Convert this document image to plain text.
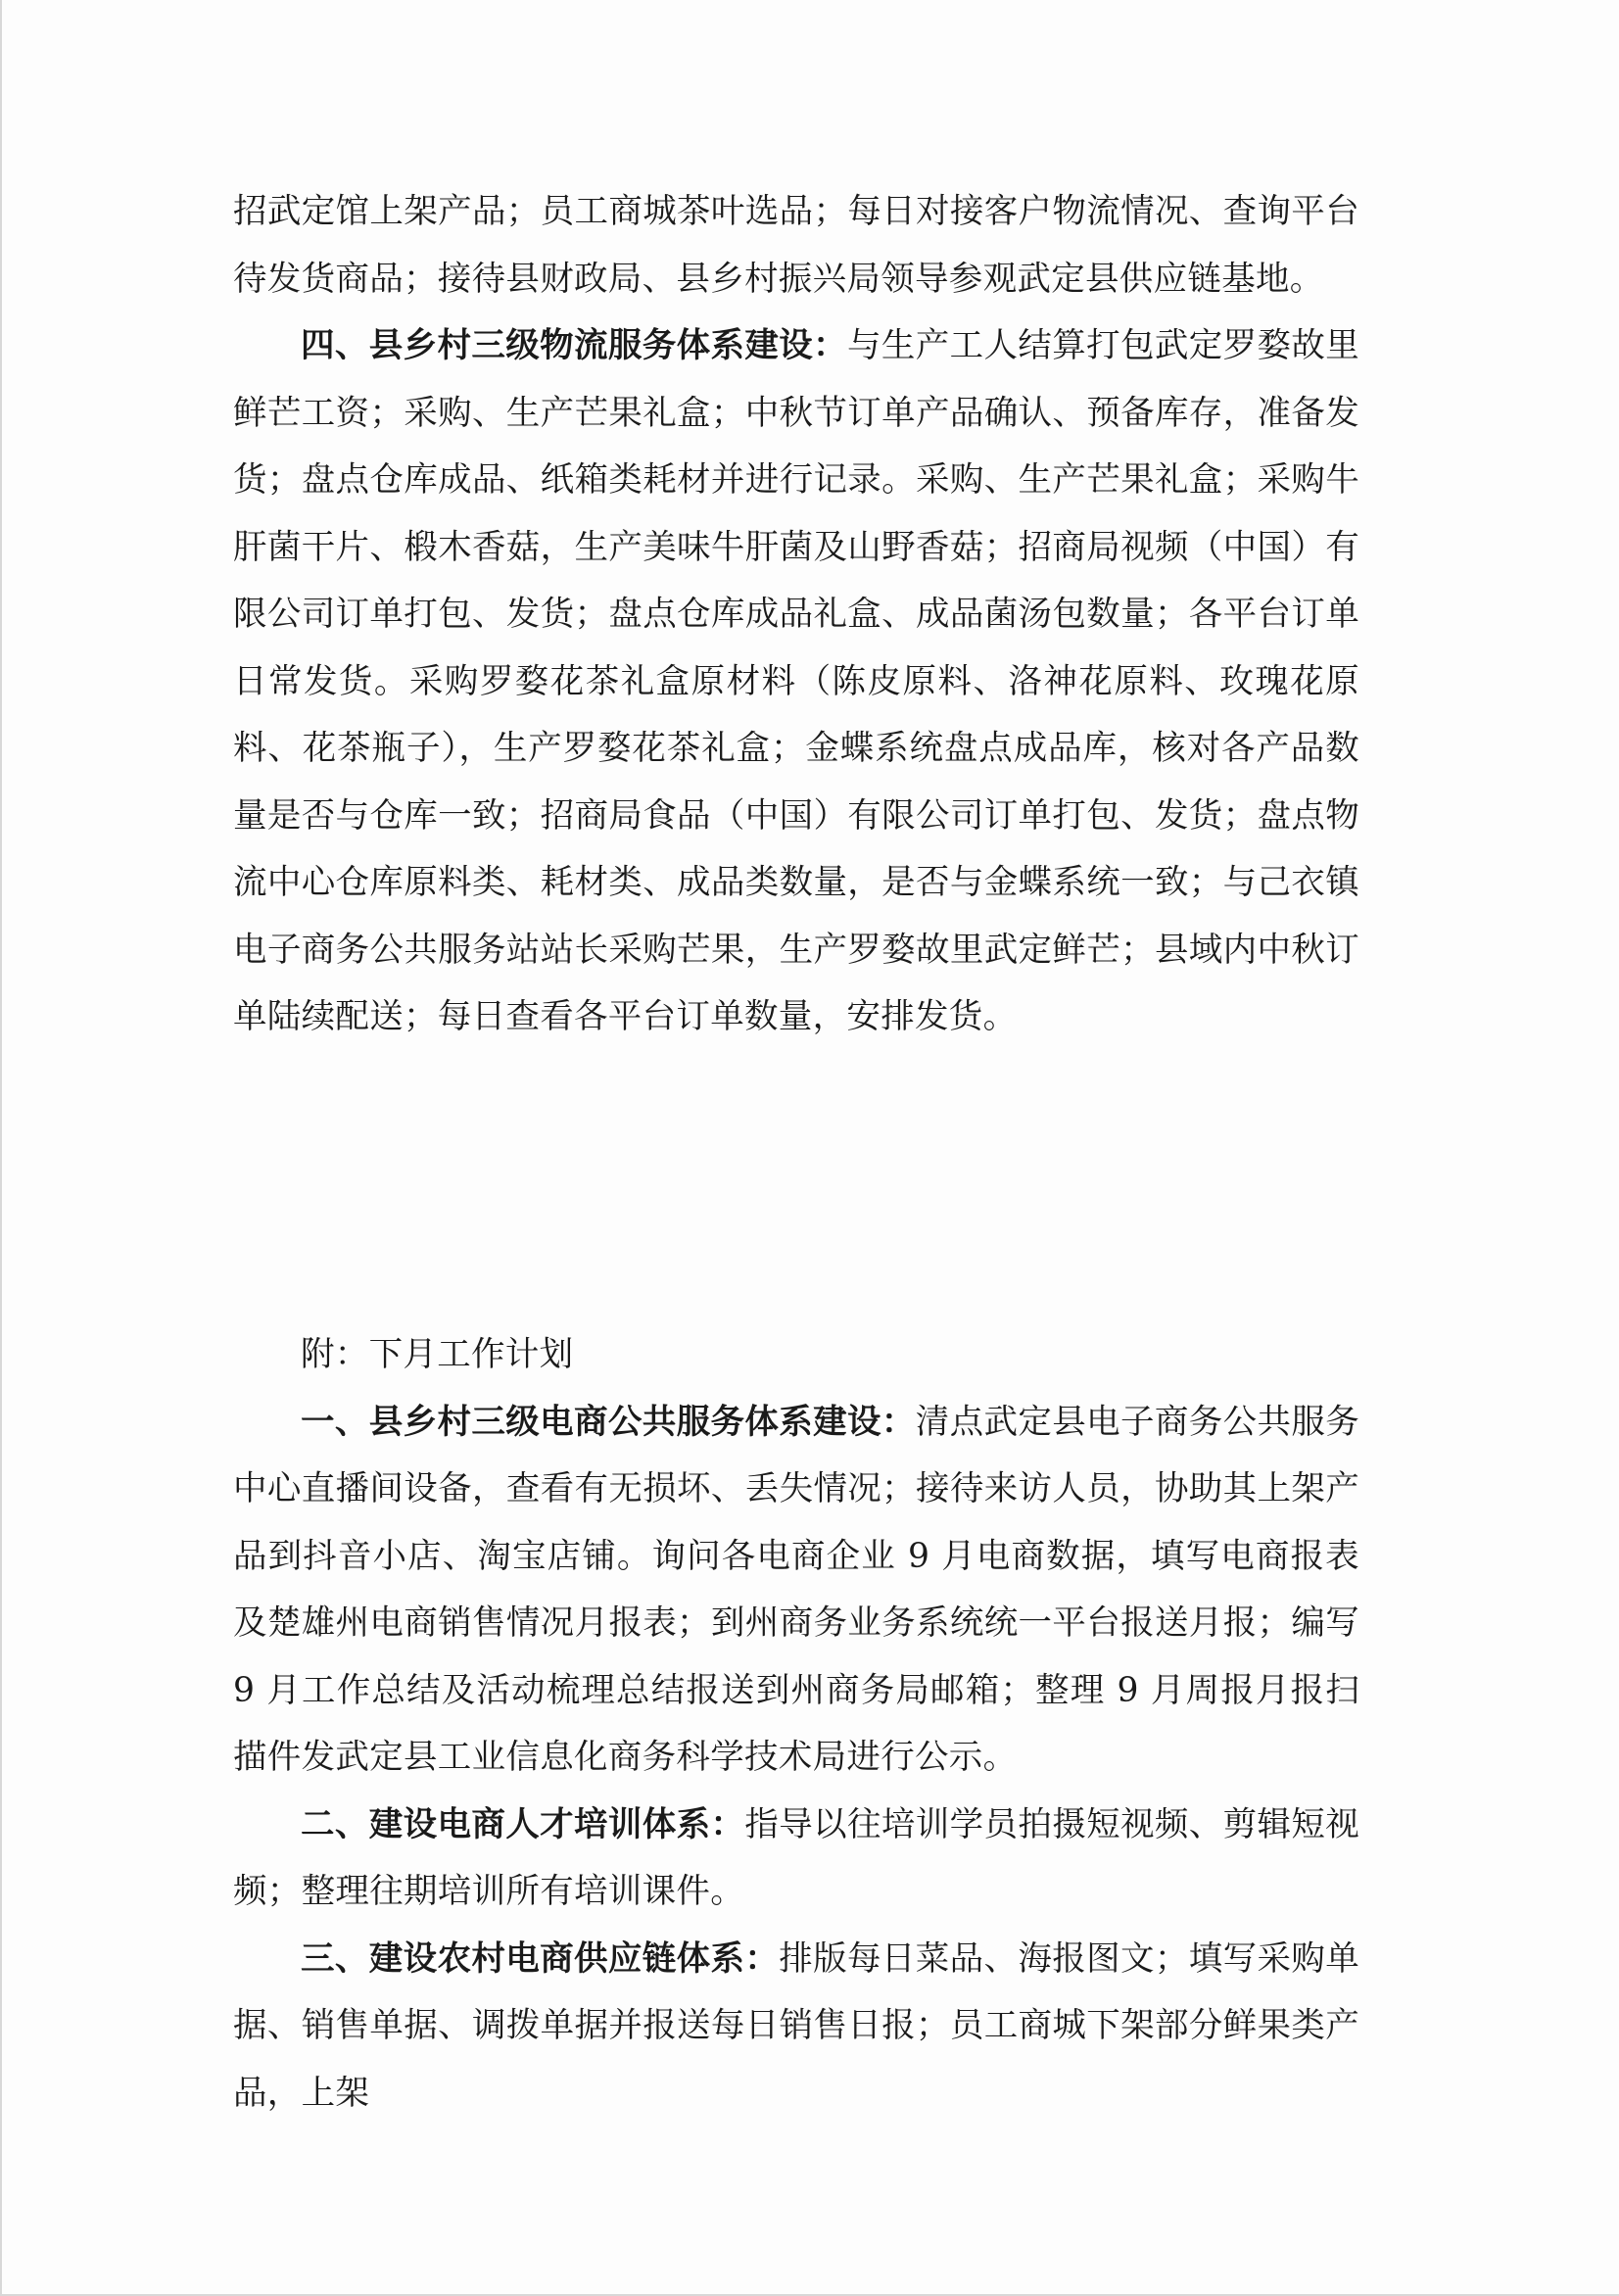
招武定馆上架产品；员工商城茶叶选品；每日对接客户物流情况、查询平台待发货商品；接待县财政局、县乡村振兴局领导参观武定县供应链基地。

四、县乡村三级物流服务体系建设：与生产工人结算打包武定罗婺故里鲜芒工资；采购、生产芒果礼盒；中秋节订单产品确认、预备库存，准备发货；盘点仓库成品、纸箱类耗材并进行记录。采购、生产芒果礼盒；采购牛肝菌干片、椴木香菇，生产美味牛肝菌及山野香菇；招商局视频（中国）有限公司订单打包、发货；盘点仓库成品礼盒、成品菌汤包数量；各平台订单日常发货。采购罗婺花茶礼盒原材料（陈皮原料、洛神花原料、玫瑰花原料、花茶瓶子），生产罗婺花茶礼盒；金蝶系统盘点成品库，核对各产品数量是否与仓库一致；招商局食品（中国）有限公司订单打包、发货；盘点物流中心仓库原料类、耗材类、成品类数量，是否与金蝶系统一致；与己衣镇电子商务公共服务站站长采购芒果，生产罗婺故里武定鲜芒；县域内中秋订单陆续配送；每日查看各平台订单数量，安排发货。

附：下月工作计划

一、县乡村三级电商公共服务体系建设：清点武定县电子商务公共服务中心直播间设备，查看有无损坏、丢失情况；接待来访人员，协助其上架产品到抖音小店、淘宝店铺。询问各电商企业 9 月电商数据，填写电商报表及楚雄州电商销售情况月报表；到州商务业务系统统一平台报送月报；编写 9 月工作总结及活动梳理总结报送到州商务局邮箱；整理 9 月周报月报扫描件发武定县工业信息化商务科学技术局进行公示。

二、建设电商人才培训体系：指导以往培训学员拍摄短视频、剪辑短视频；整理往期培训所有培训课件。

三、建设农村电商供应链体系：排版每日菜品、海报图文；填写采购单据、销售单据、调拨单据并报送每日销售日报；员工商城下架部分鲜果类产品，上架
